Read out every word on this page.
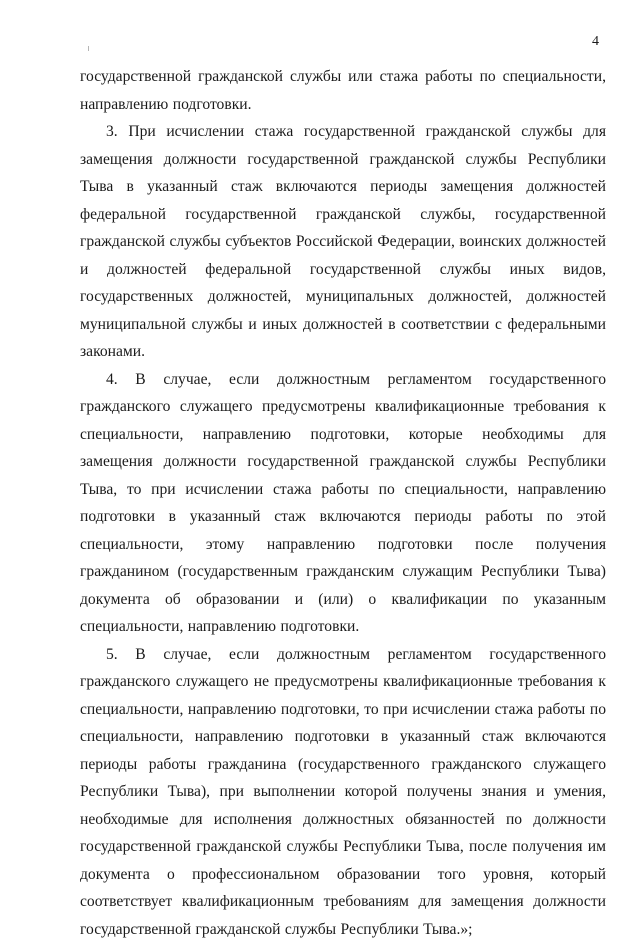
4

государственной гражданской службы или стажа работы по специальности, направлению подготовки.

3. При исчислении стажа государственной гражданской службы для замещения должности государственной гражданской службы Республики Тыва в указанный стаж включаются периоды замещения должностей федеральной государственной гражданской службы, государственной гражданской службы субъектов Российской Федерации, воинских должностей и должностей федеральной государственной службы иных видов, государственных должностей, муниципальных должностей, должностей муниципальной службы и иных должностей в соответствии с федеральными законами.

4. В случае, если должностным регламентом государственного гражданского служащего предусмотрены квалификационные требования к специальности, направлению подготовки, которые необходимы для замещения должности государственной гражданской службы Республики Тыва, то при исчислении стажа работы по специальности, направлению подготовки в указанный стаж включаются периоды работы по этой специальности, этому направлению подготовки после получения гражданином (государственным гражданским служащим Республики Тыва) документа об образовании и (или) о квалификации по указанным специальности, направлению подготовки.

5. В случае, если должностным регламентом государственного гражданского служащего не предусмотрены квалификационные требования к специальности, направлению подготовки, то при исчислении стажа работы по специальности, направлению подготовки в указанный стаж включаются периоды работы гражданина (государственного гражданского служащего Республики Тыва), при выполнении которой получены знания и умения, необходимые для исполнения должностных обязанностей по должности государственной гражданской службы Республики Тыва, после получения им документа о профессиональном образовании того уровня, который соответствует квалификационным требованиям для замещения должности государственной гражданской службы Республики Тыва.»;
